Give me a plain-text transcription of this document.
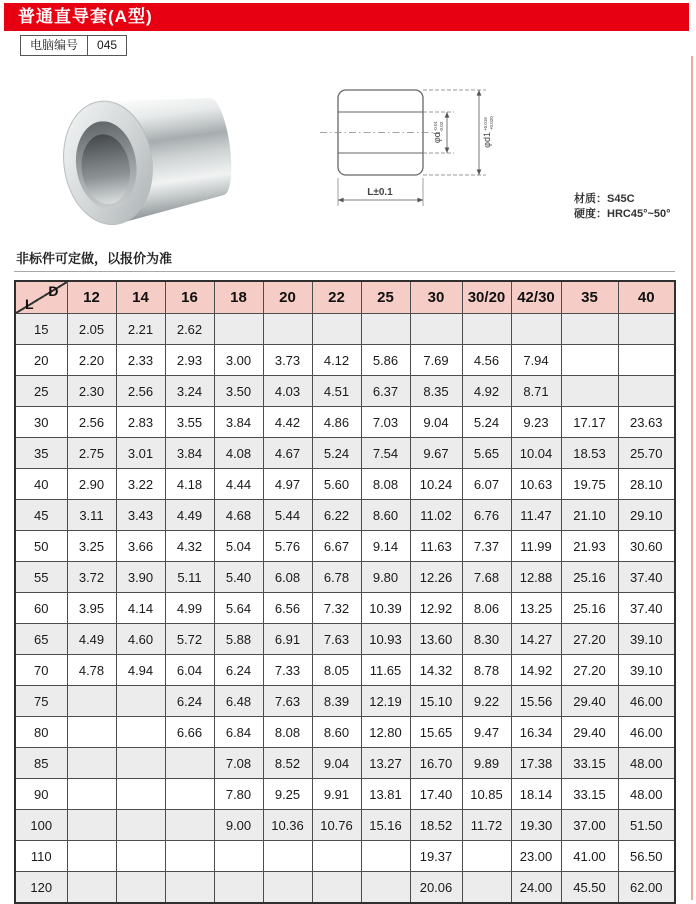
普通直导套(A型)
电脑编号	045
$\varphi d^{-0.01}-0.02$
$\varphi d1^{+0.016}+0.020$
L±0.1
材质：S45C
硬度：HRC45°~50°
非标件可定做，以报价为准
D
L	12	14	16	18	20	22	25	30	30/20	42/30	35	40
15	2.05	2.21	2.62									
20	2.20	2.33	2.93	3.00	3.73	4.12	5.86	7.69	4.56	7.94		
25	2.30	2.56	3.24	3.50	4.03	4.51	6.37	8.35	4.92	8.71		
30	2.56	2.83	3.55	3.84	4.42	4.86	7.03	9.04	5.24	9.23	17.17	23.63
35	2.75	3.01	3.84	4.08	4.67	5.24	7.54	9.67	5.65	10.04	18.53	25.70
40	2.90	3.22	4.18	4.44	4.97	5.60	8.08	10.24	6.07	10.63	19.75	28.10
45	3.11	3.43	4.49	4.68	5.44	6.22	8.60	11.02	6.76	11.47	21.10	29.10
50	3.25	3.66	4.32	5.04	5.76	6.67	9.14	11.63	7.37	11.99	21.93	30.60
55	3.72	3.90	5.11	5.40	6.08	6.78	9.80	12.26	7.68	12.88	25.16	37.40
60	3.95	4.14	4.99	5.64	6.56	7.32	10.39	12.92	8.06	13.25	25.16	37.40
65	4.49	4.60	5.72	5.88	6.91	7.63	10.93	13.60	8.30	14.27	27.20	39.10
70	4.78	4.94	6.04	6.24	7.33	8.05	11.65	14.32	8.78	14.92	27.20	39.10
75			6.24	6.48	7.63	8.39	12.19	15.10	9.22	15.56	29.40	46.00
80			6.66	6.84	8.08	8.60	12.80	15.65	9.47	16.34	29.40	46.00
85				7.08	8.52	9.04	13.27	16.70	9.89	17.38	33.15	48.00
90				7.80	9.25	9.91	13.81	17.40	10.85	18.14	33.15	48.00
100				9.00	10.36	10.76	15.16	18.52	11.72	19.30	37.00	51.50
110								19.37		23.00	41.00	56.50
120								20.06		24.00	45.50	62.00
